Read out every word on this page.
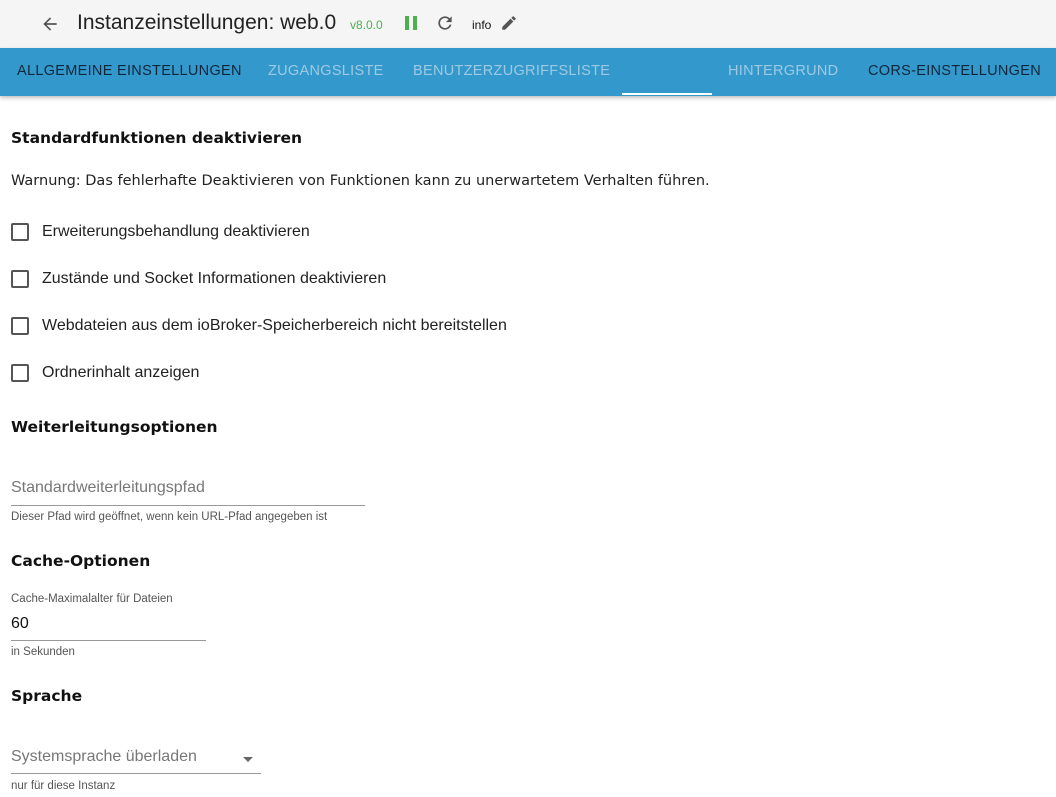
Instanzeinstellungen: web.0 v8.0.0	info
ALLGEMEINE EINSTELLUNGEN ZUGANGSLISTE BENUTZERZUGRIFFSLISTE	HINTERGRUND CORS-EINSTELLUNGEN
Standardfunktionen deaktivieren
Warnung: Das fehlerhafte Deaktivieren von Funktionen kann zu unerwartetem Verhalten führen.
Erweiterungsbehandlung deaktivieren
Zustände und Socket Informationen deaktivieren
Webdateien aus dem ioBroker-Speicherbereich nicht bereitstellen
Ordnerinhalt anzeigen
Weiterleitungsoptionen
Standardweiterleitungspfad
Dieser Pfad wird geöffnet, wenn kein URL-Pfad angegeben ist
Cache-Optionen
Cache-Maximalalter für Dateien
60
in Sekunden
Sprache
Systemsprache überladen
nur für diese Instanz
